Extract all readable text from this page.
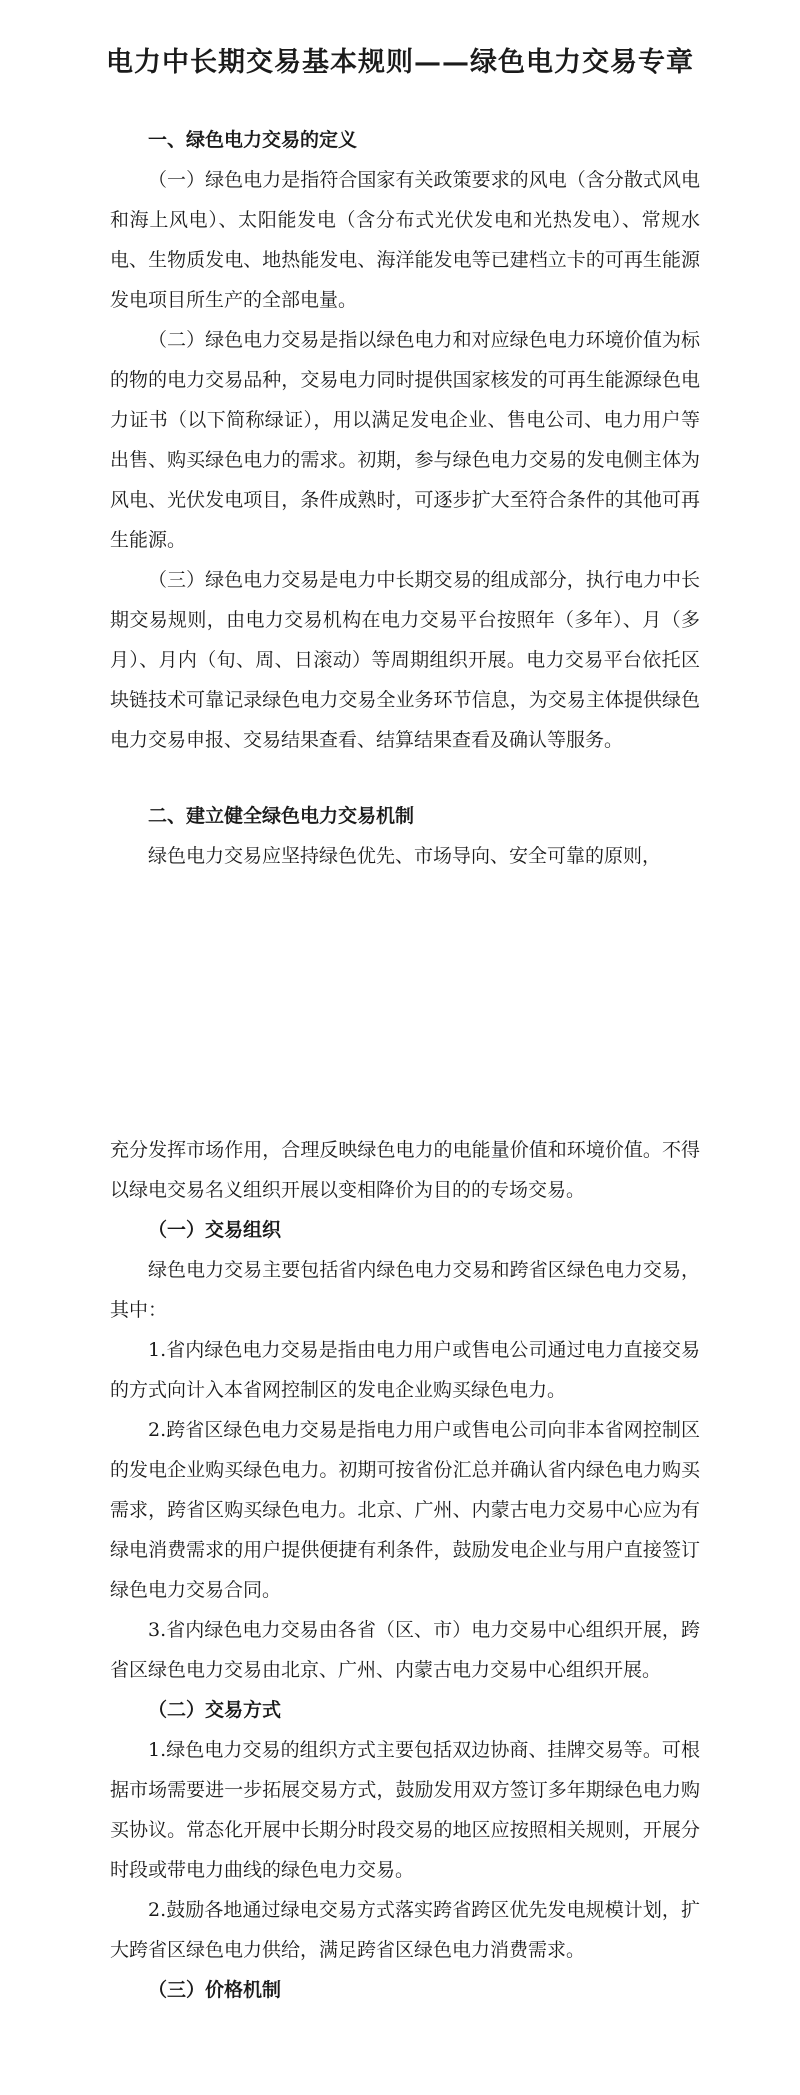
电力中长期交易基本规则——绿色电力交易专章

一、绿色电力交易的定义

（一）绿色电力是指符合国家有关政策要求的风电（含分散式风电和海上风电）、太阳能发电（含分布式光伏发电和光热发电）、常规水电、生物质发电、地热能发电、海洋能发电等已建档立卡的可再生能源发电项目所生产的全部电量。

（二）绿色电力交易是指以绿色电力和对应绿色电力环境价值为标的物的电力交易品种，交易电力同时提供国家核发的可再生能源绿色电力证书（以下简称绿证），用以满足发电企业、售电公司、电力用户等出售、购买绿色电力的需求。初期，参与绿色电力交易的发电侧主体为风电、光伏发电项目，条件成熟时，可逐步扩大至符合条件的其他可再生能源。

（三）绿色电力交易是电力中长期交易的组成部分，执行电力中长期交易规则，由电力交易机构在电力交易平台按照年（多年）、月（多月）、月内（旬、周、日滚动）等周期组织开展。电力交易平台依托区块链技术可靠记录绿色电力交易全业务环节信息，为交易主体提供绿色电力交易申报、交易结果查看、结算结果查看及确认等服务。

二、建立健全绿色电力交易机制

绿色电力交易应坚持绿色优先、市场导向、安全可靠的原则，

充分发挥市场作用，合理反映绿色电力的电能量价值和环境价值。不得以绿电交易名义组织开展以变相降价为目的的专场交易。

（一）交易组织

绿色电力交易主要包括省内绿色电力交易和跨省区绿色电力交易，其中：

1.省内绿色电力交易是指由电力用户或售电公司通过电力直接交易的方式向计入本省网控制区的发电企业购买绿色电力。

2.跨省区绿色电力交易是指电力用户或售电公司向非本省网控制区的发电企业购买绿色电力。初期可按省份汇总并确认省内绿色电力购买需求，跨省区购买绿色电力。北京、广州、内蒙古电力交易中心应为有绿电消费需求的用户提供便捷有利条件，鼓励发电企业与用户直接签订绿色电力交易合同。

3.省内绿色电力交易由各省（区、市）电力交易中心组织开展，跨省区绿色电力交易由北京、广州、内蒙古电力交易中心组织开展。

（二）交易方式

1.绿色电力交易的组织方式主要包括双边协商、挂牌交易等。可根据市场需要进一步拓展交易方式，鼓励发用双方签订多年期绿色电力购买协议。常态化开展中长期分时段交易的地区应按照相关规则，开展分时段或带电力曲线的绿色电力交易。

2.鼓励各地通过绿电交易方式落实跨省跨区优先发电规模计划，扩大跨省区绿色电力供给，满足跨省区绿色电力消费需求。

（三）价格机制
